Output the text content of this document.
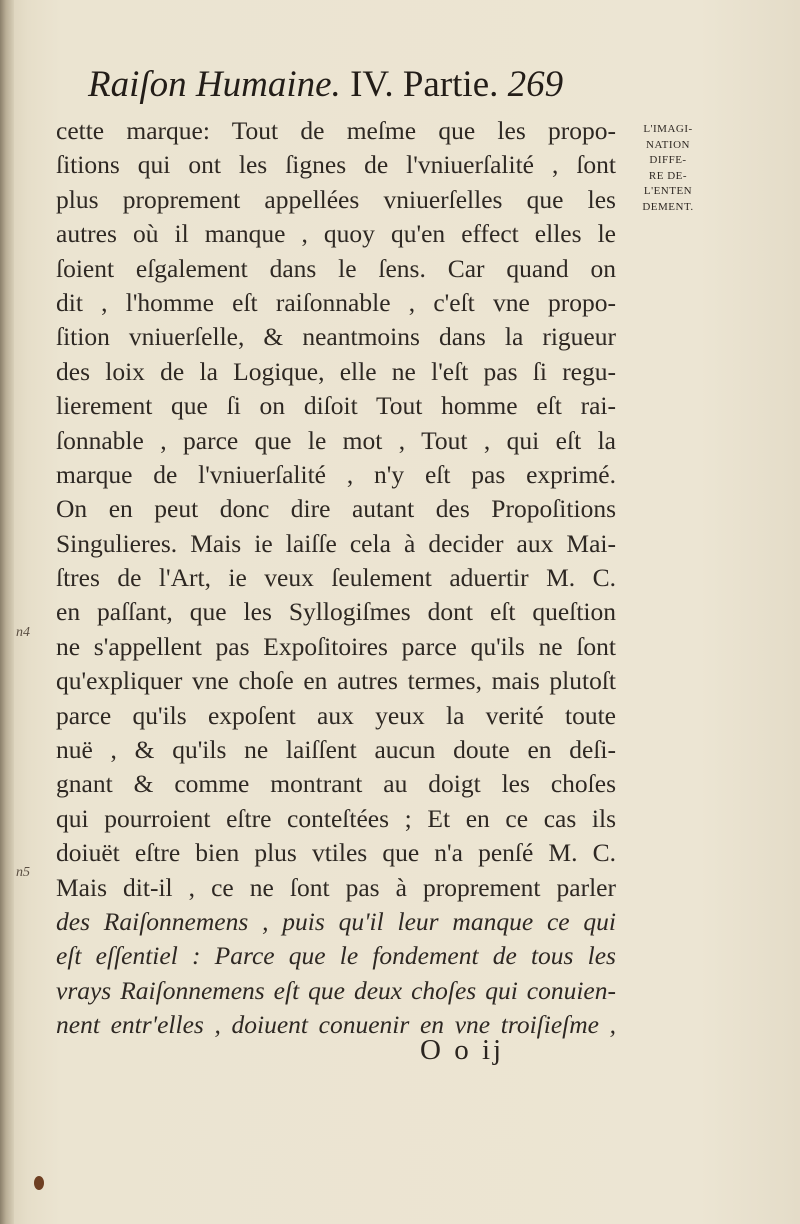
Raiſon Humaine. IV. Partie. 269
cette marque: Tout de meſme que les propo-
ſitions qui ont les ſignes de l'vniuerſalité , ſont
plus proprement appellées vniuerſelles que les
autres où il manque , quoy qu'en effect elles le
ſoient eſgalement dans le ſens. Car quand on
dit , l'homme eſt raiſonnable , c'eſt vne propo-
ſition vniuerſelle, & neantmoins dans la rigueur
des loix de la Logique, elle ne l'eſt pas ſi regu-
lierement que ſi on diſoit Tout homme eſt rai-
ſonnable , parce que le mot , Tout , qui eſt la
marque de l'vniuerſalité , n'y eſt pas exprimé.
On en peut donc dire autant des Propoſitions
Singulieres. Mais ie laiſſe cela à decider aux Mai-
ſtres de l'Art, ie veux ſeulement aduertir M. C.
en paſſant, que les Syllogiſmes dont eſt queſtion
ne s'appellent pas Expoſitoires parce qu'ils ne ſont
qu'expliquer vne choſe en autres termes, mais plutoſt
parce qu'ils expoſent aux yeux la verité toute
nuë , & qu'ils ne laiſſent aucun doute en deſi-
gnant & comme montrant au doigt les choſes
qui pourroient eſtre conteſtées ; Et en ce cas ils
doiuët eſtre bien plus vtiles que n'a penſé M. C.
Mais dit-il , ce ne ſont pas à proprement parler
des Raiſonnemens , puis qu'il leur manque ce qui
eſt eſſentiel : Parce que le fondement de tous les
vrays Raiſonnemens eſt que deux choſes qui conuien-
nent entr'elles , doiuent conuenir en vne troiſieſme ,
L'IMAGI-
NATION
DIFFE-
RE DE-
L'ENTEN
DEMENT.
n4
n5
O o ij
